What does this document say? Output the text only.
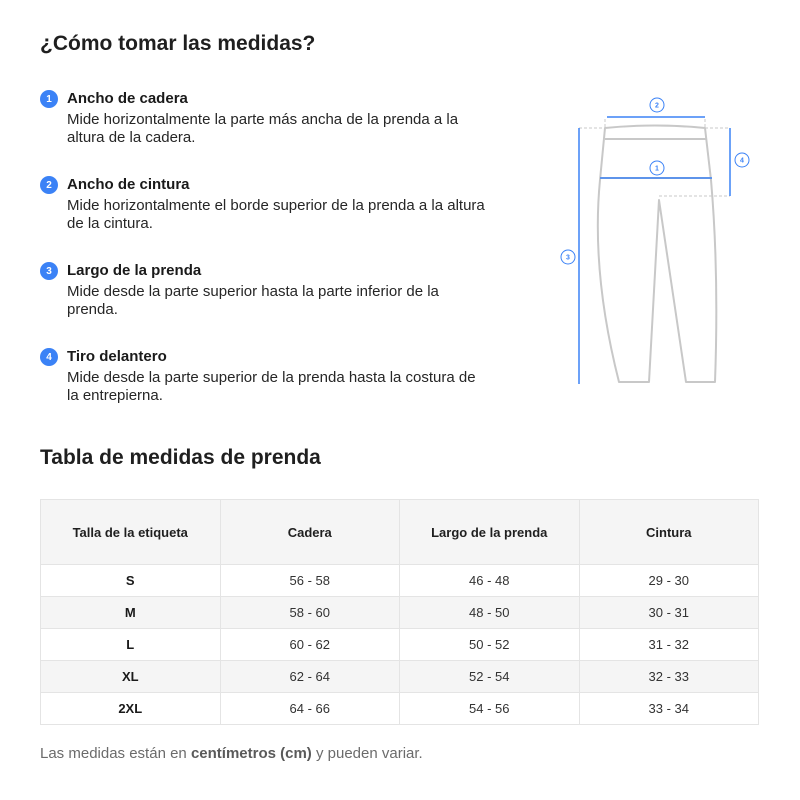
¿Cómo tomar las medidas?
1	Ancho de cadera
Mide horizontalmente la parte más ancha de la prenda a la altura de la cadera.
2	Ancho de cintura
Mide horizontalmente el borde superior de la prenda a la altura de la cintura.
3	Largo de la prenda
Mide desde la parte superior hasta la parte inferior de la prenda.
4	Tiro delantero
Mide desde la parte superior de la prenda hasta la costura de la entrepierna.
2
1
3
4
Tabla de medidas de prenda
Talla de la etiqueta	Cadera	Largo de la prenda	Cintura
S	56 - 58	46 - 48	29 - 30
M	58 - 60	48 - 50	30 - 31
L	60 - 62	50 - 52	31 - 32
XL	62 - 64	52 - 54	32 - 33
2XL	64 - 66	54 - 56	33 - 34
Las medidas están en centímetros (cm) y pueden variar.
